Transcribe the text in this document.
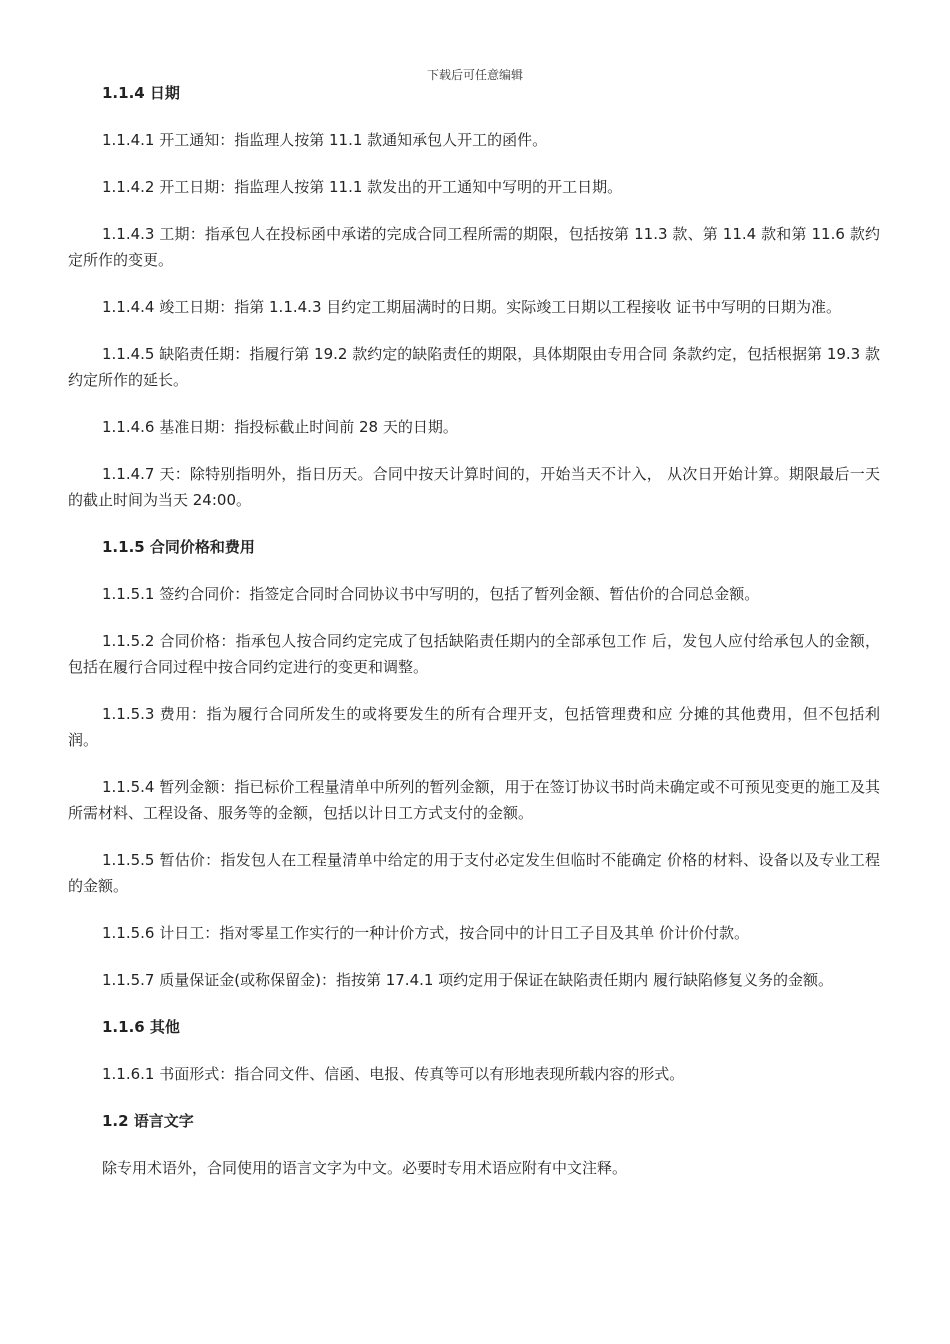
下载后可任意编辑
1.1.4 日期
1.1.4.1 开工通知：指监理人按第 11.1 款通知承包人开工的函件。
1.1.4.2 开工日期：指监理人按第 11.1 款发出的开工通知中写明的开工日期。
1.1.4.3 工期：指承包人在投标函中承诺的完成合同工程所需的期限，包括按第 11.3 款、第 11.4 款和第 11.6 款约定所作的变更。
1.1.4.4 竣工日期：指第 1.1.4.3 目约定工期届满时的日期。实际竣工日期以工程接收 证书中写明的日期为准。
1.1.4.5 缺陷责任期：指履行第 19.2 款约定的缺陷责任的期限，具体期限由专用合同 条款约定，包括根据第 19.3 款约定所作的延长。
1.1.4.6 基准日期：指投标截止时间前 28 天的日期。
1.1.4.7 天：除特别指明外，指日历天。合同中按天计算时间的，开始当天不计入， 从次日开始计算。期限最后一天的截止时间为当天 24:00。
1.1.5 合同价格和费用
1.1.5.1 签约合同价：指签定合同时合同协议书中写明的，包括了暂列金额、暂估价的合同总金额。
1.1.5.2 合同价格：指承包人按合同约定完成了包括缺陷责任期内的全部承包工作 后，发包人应付给承包人的金额，包括在履行合同过程中按合同约定进行的变更和调整。
1.1.5.3 费用：指为履行合同所发生的或将要发生的所有合理开支，包括管理费和应 分摊的其他费用，但不包括利润。
1.1.5.4 暂列金额：指已标价工程量清单中所列的暂列金额，用于在签订协议书时尚未确定或不可预见变更的施工及其所需材料、工程设备、服务等的金额，包括以计日工方式支付的金额。
1.1.5.5 暂估价：指发包人在工程量清单中给定的用于支付必定发生但临时不能确定 价格的材料、设备以及专业工程的金额。
1.1.5.6 计日工：指对零星工作实行的一种计价方式，按合同中的计日工子目及其单 价计价付款。
1.1.5.7 质量保证金(或称保留金)：指按第 17.4.1 项约定用于保证在缺陷责任期内 履行缺陷修复义务的金额。
1.1.6 其他
1.1.6.1 书面形式：指合同文件、信函、电报、传真等可以有形地表现所载内容的形式。
1.2 语言文字
除专用术语外，合同使用的语言文字为中文。必要时专用术语应附有中文注释。
